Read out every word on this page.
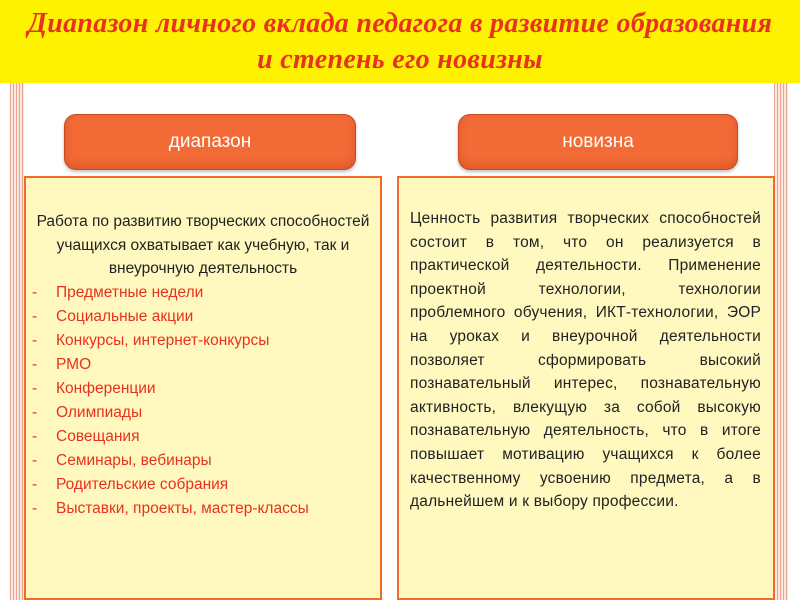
Диапазон личного вклада педагога в развитие образования и степень его новизны
диапазон	новизна

Работа по развитию творческих способностей учащихся охватывает как учебную, так и внеурочную деятельность

- Предметные недели
- Социальные акции
- Конкурсы, интернет-конкурсы
- РМО
- Конференции
- Олимпиады
- Совещания
- Семинары, вебинары
- Родительские собрания
- Выставки, проекты, мастер-классы

Ценность развития творческих способностей состоит в том, что он реализуется в практической деятельности. Применение проектной технологии, технологии проблемного обучения, ИКТ-технологии, ЭОР на уроках и внеурочной деятельности позволяет сформировать высокий познавательный интерес, познавательную активность, влекущую за собой высокую познавательную деятельность, что в итоге повышает мотивацию учащихся к более качественному усвоению предмета, а в дальнейшем и к выбору профессии.
